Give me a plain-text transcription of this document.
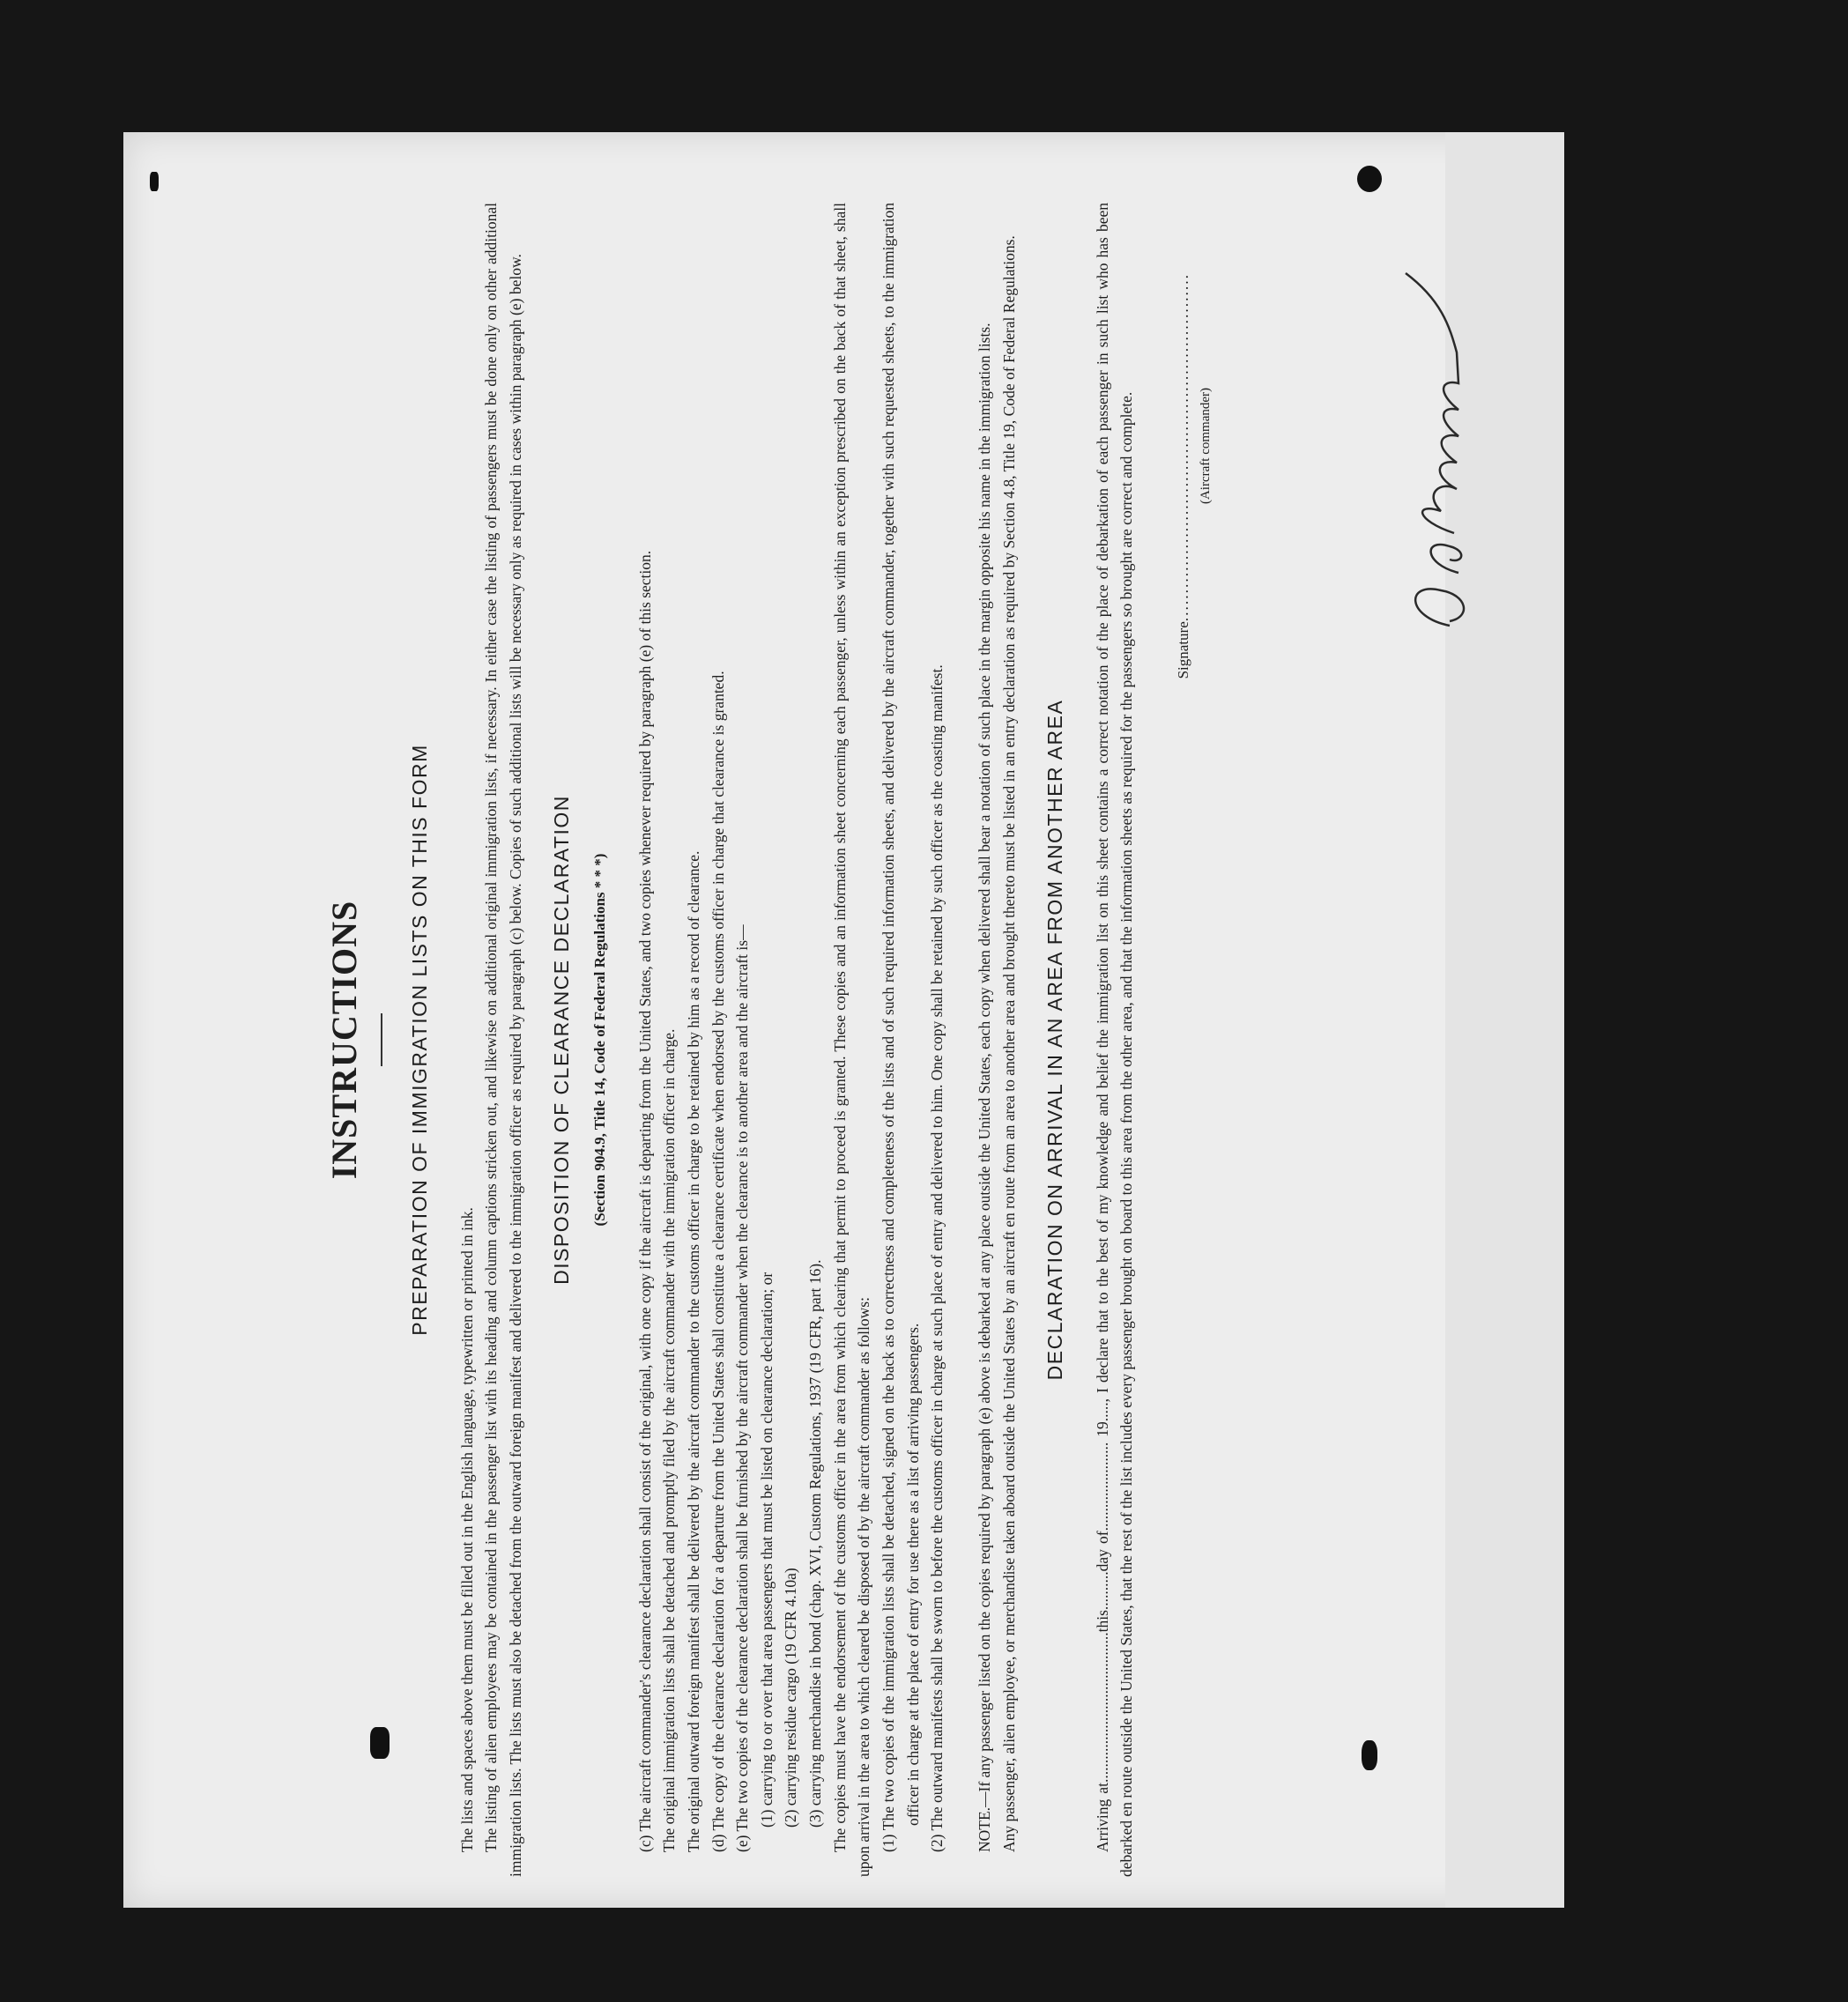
INSTRUCTIONS	PREPARATION OF IMMIGRATION LISTS ON THIS FORM

The lists and spaces above them must be filled out in the English language, typewritten or printed in ink. The listing of alien employees may be contained in the passenger list with its heading and column captions stricken out, and likewise on additional original immigration lists, if necessary. In either case the listing of passengers must be done only on other additional immigration lists. The lists must also be detached from the outward foreign manifest and delivered to the immigration officer as required by paragraph (c) below. Copies of such additional lists will be necessary only as required in cases within paragraph (e) below. DISPOSITION OF CLEARANCE DECLARATION	(Section 904.9, Title 14, Code of Federal Regulations * * *) (c) The aircraft commander's clearance declaration shall consist of the original, with one copy if the aircraft is departing from the United States, and two copies whenever required by paragraph (e) of this section. The original immigration lists shall be detached and promptly filed by the aircraft commander with the immigration officer in charge. The original outward foreign manifest shall be delivered by the aircraft commander to the customs officer in charge to be retained by him as a record of clearance. (d) The copy of the clearance declaration for a departure from the United States shall constitute a clearance certificate when endorsed by the customs officer in charge that clearance is granted. (e) The two copies of the clearance declaration shall be furnished by the aircraft commander when the clearance is to another area and the aircraft is— (1) carrying to or over that area passengers that must be listed on clearance declaration; or (2) carrying residue cargo (19 CFR 4.10a) (3) carrying merchandise in bond (chap. XVI, Custom Regulations, 1937 (19 CFR, part 16). The copies must have the endorsement of the customs officer in the area from which clearing that permit to proceed is granted. These copies and an information sheet concerning each passenger, unless within an exception prescribed on the back of that sheet, shall upon arrival in the area to which cleared be disposed of by the aircraft commander as follows: (1) The two copies of the immigration lists shall be detached, signed on the back as to correctness and completeness of the lists and of such required information sheets, and delivered by the aircraft commander, together with such requested sheets, to the immigration officer in charge at the place of entry for use there as a list of arriving passengers. (2) The outward manifests shall be sworn to before the customs officer in charge at such place of entry and delivered to him. One copy shall be retained by such officer as the coasting manifest. NOTE.—If any passenger listed on the copies required by paragraph (e) above is debarked at any place outside the United States, each copy when delivered shall bear a notation of such place in the margin opposite his name in the immigration lists. Any passenger, alien employee, or merchandise taken aboard outside the United States by an aircraft en route from an area to another area and brought thereto must be listed in an entry declaration as required by Section 4.8, Title 19, Code of Federal Regulations. DECLARATION ON ARRIVAL IN AN AREA FROM ANOTHER AREA	Arriving at.......................................this..........day of....................... 19....., I declare that to the best of my knowledge and belief the immigration list on this sheet contains a correct notation of the place of debarkation of each passenger in such list who has been debarked en route outside the United States, that the rest of the list includes every passenger brought on board to this area from the other area, and that the information sheets as required for the passengers so brought are correct and complete.	Signature.............................................................. (Aircraft commander)
